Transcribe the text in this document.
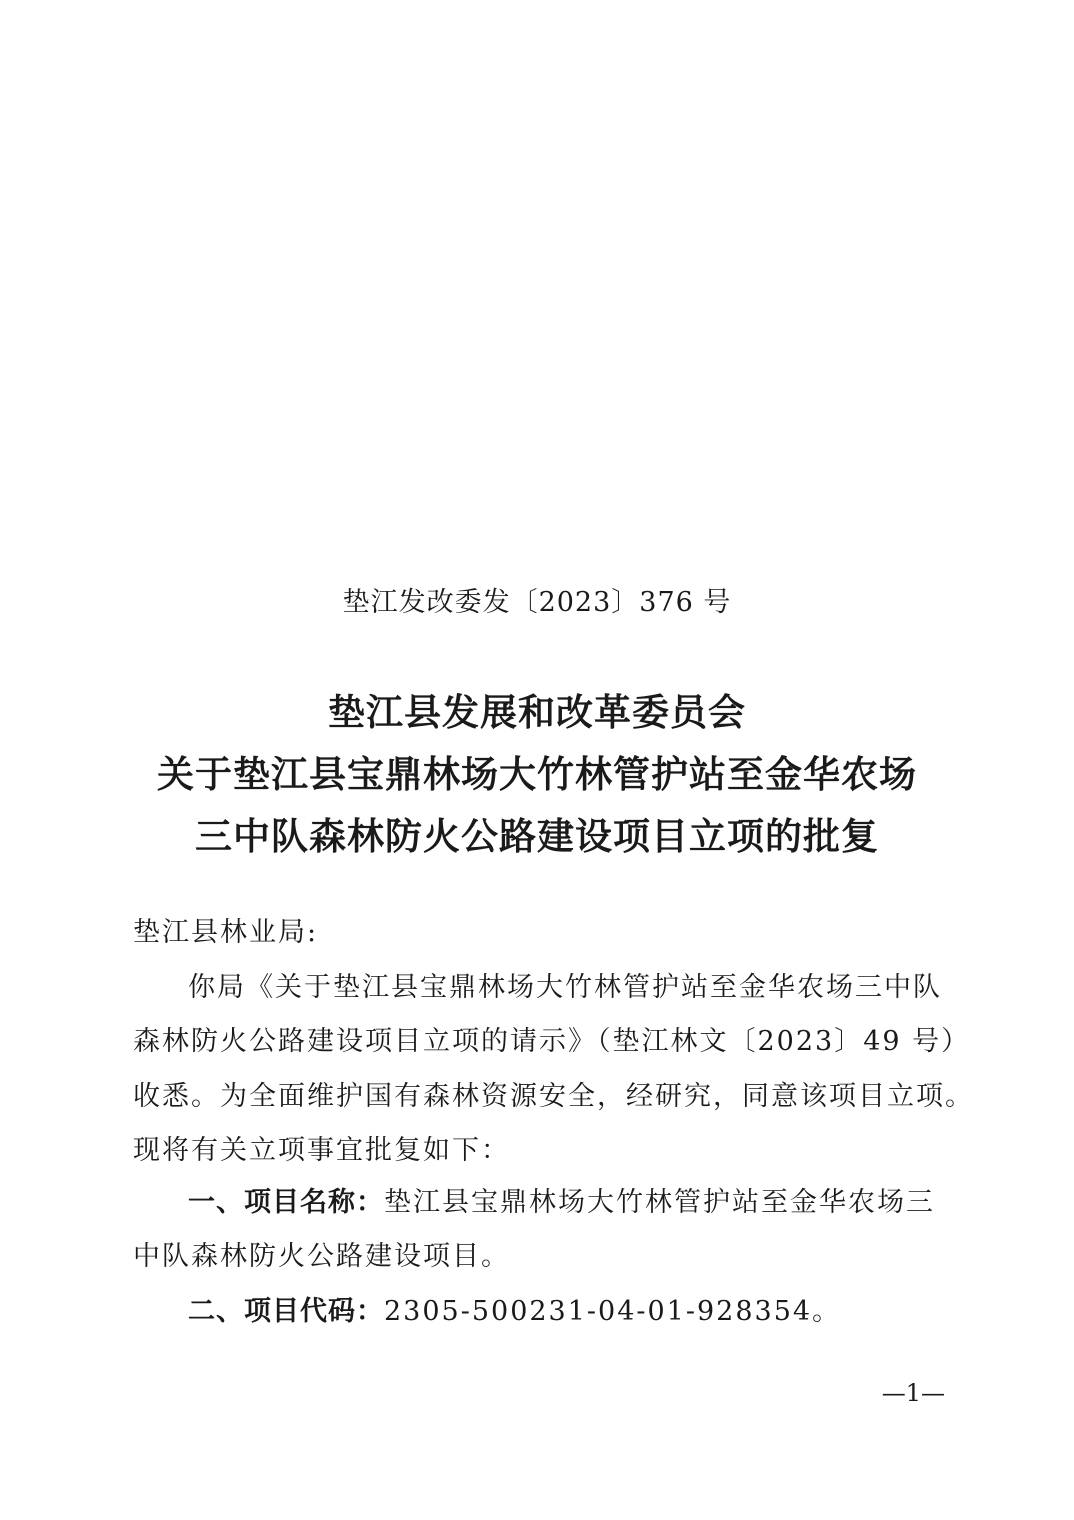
垫江发改委发〔2023〕376 号
垫江县发展和改革委员会
关于垫江县宝鼎林场大竹林管护站至金华农场
三中队森林防火公路建设项目立项的批复
垫江县林业局:
你局《关于垫江县宝鼎林场大竹林管护站至金华农场三中队
森林防火公路建设项目立项的请示》（垫江林文〔2023〕49 号）
收悉。为全面维护国有森林资源安全，经研究，同意该项目立项。
现将有关立项事宜批复如下：
一、项目名称：垫江县宝鼎林场大竹林管护站至金华农场三
中队森林防火公路建设项目。
二、项目代码：2305-500231-04-01-928354。
—1—
